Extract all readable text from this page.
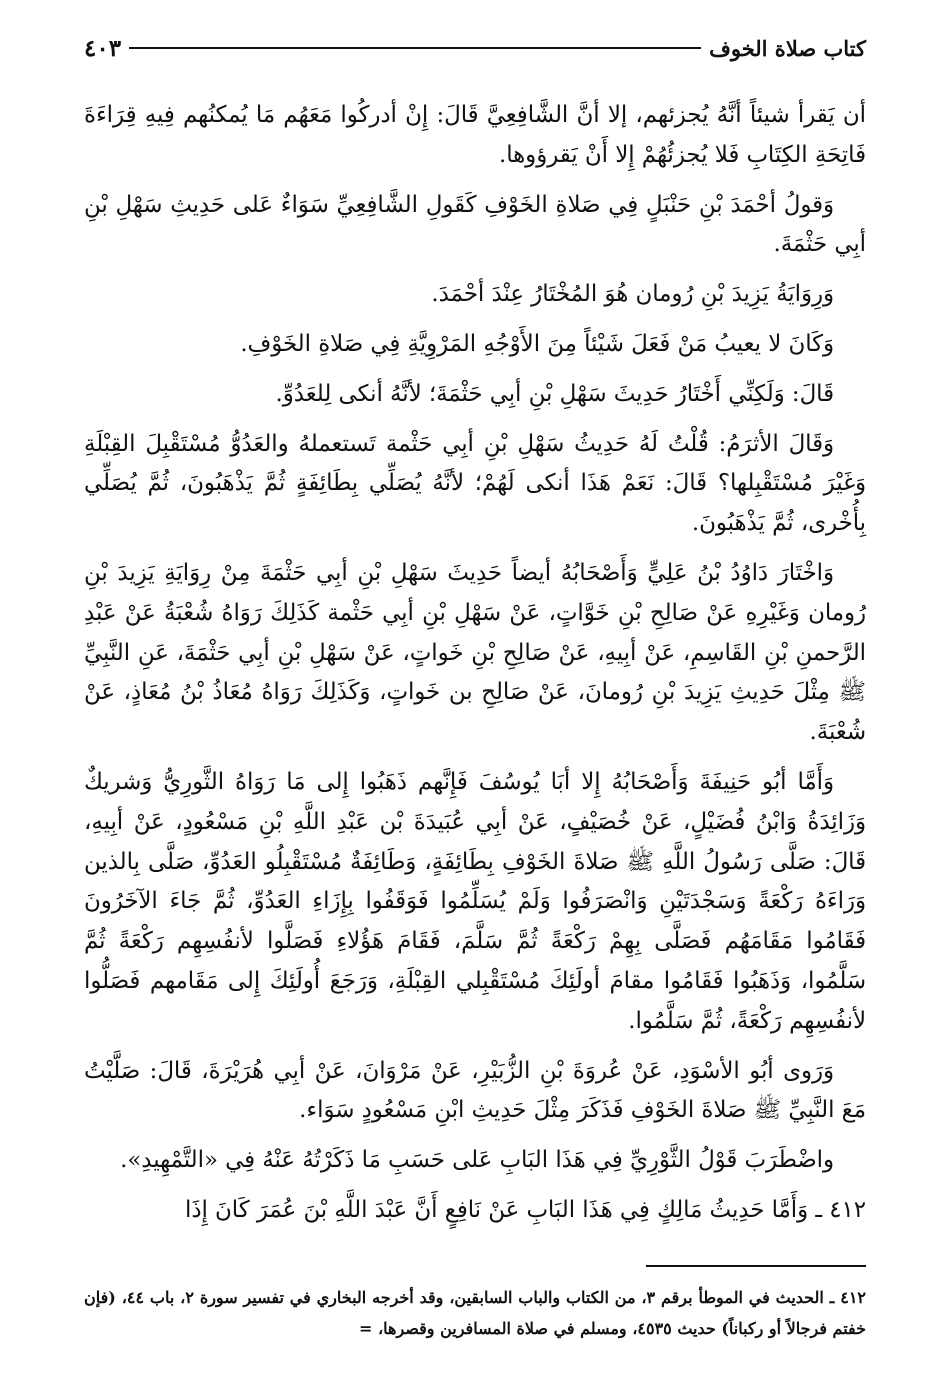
٤٠٣	كتاب صلاة الخوف

أن يَقرأ شيئاً أنَّهُ يُجزئهم، إلا أنَّ الشَّافِعِيَّ قَالَ: إِنْ أدركُوا مَعَهُم مَا يُمكنُهم فِيهِ قِرَاءَةَ فَاتِحَةِ الكِتَابِ فَلا يُجزئُهُمْ إِلا أَنْ يَقرؤوها.

وَقولُ أحْمَدَ بْنِ حَنْبَلٍ فِي صَلاةِ الخَوْفِ كَقَولِ الشَّافِعِيِّ سَوَاءٌ عَلى حَدِيثِ سَهْلِ بْنِ أبِي حَثْمَةَ.

وَرِوَايَةُ يَزِيدَ بْنِ رُومان هُوَ المُخْتَارُ عِنْدَ أحْمَدَ.

وَكَانَ لا يعيبُ مَنْ فَعَلَ شَيْئاً مِنَ الأَوْجُهِ المَرْوِيَّةِ فِي صَلاةِ الخَوْفِ.

قَالَ: وَلَكِنِّي أَخْتَارُ حَدِيثَ سَهْلِ بْنِ أبِي حَثْمَةَ؛ لأنَّهُ أنكى لِلعَدُوِّ.

وَقَالَ الأثرَمُ: قُلْتُ لَهُ حَدِيثُ سَهْلِ بْنِ أبِي حَثْمة تَستعملهُ والعَدُوُّ مُسْتَقْبِلَ القِبْلَةِ وَغَيْرَ مُسْتَقْبِلها؟ قَالَ: نَعَمْ هَذَا أنكى لَهُمْ؛ لأنَّهُ يُصَلِّي بِطَائِفَةٍ ثُمَّ يَذْهَبُونَ، ثُمَّ يُصَلِّي بِأُخْرى، ثُمَّ يَذْهَبُونَ.

وَاخْتَارَ دَاوُدُ بْنُ عَلِيٍّ وَأَصْحَابُهُ أيضاً حَدِيثَ سَهْلِ بْنِ أبِي حَثْمَةَ مِنْ رِوَايَةِ يَزِيدَ بْنِ رُومان وَغَيْرِهِ عَنْ صَالِحِ بْنِ خَوَّاتٍ، عَنْ سَهْلِ بْنِ أبِي حَثْمة كَذَلِكَ رَوَاهُ شُعْبَةُ عَنْ عَبْدِ الرَّحمنِ بْنِ القَاسِمِ، عَنْ أبِيهِ، عَنْ صَالِحِ بْنِ خَواتٍ، عَنْ سَهْلِ بْنِ أبِي حَثْمَةَ، عَنِ النَّبِيِّ ﷺ مِثْلَ حَدِيثِ يَزِيدَ بْنِ رُومانَ، عَنْ صَالِحِ بن خَواتٍ، وَكَذَلِكَ رَوَاهُ مُعَاذُ بْنُ مُعَاذٍ، عَنْ شُعْبَةَ.

وَأَمَّا أبُو حَنِيفَةَ وَأَصْحَابُهُ إِلا أبَا يُوسُفَ فَإِنَّهم ذَهَبُوا إِلى مَا رَوَاهُ الثَّورِيُّ وَشريكٌ وَزَائِدَةُ وَابْنُ فُضَيْلٍ، عَنْ خُصَيْفٍ، عَنْ أبِي عُبَيدَةَ بْن عَبْدِ اللَّهِ بْنِ مَسْعُودٍ، عَنْ أبِيهِ، قَالَ: صَلَّى رَسُولُ اللَّهِ ﷺ صَلاةَ الخَوْفِ بِطَائِفَةٍ، وَطَائِفَةٌ مُسْتَقْبِلُو العَدُوِّ، صَلَّى بِالذين وَرَاءَهُ رَكْعَةً وَسَجْدَتَيْنِ وَانْصَرَفُوا وَلَمْ يُسَلِّمُوا فَوَقَفُوا بِإِزَاءِ العَدُوِّ، ثُمَّ جَاءَ الآخَرُونَ فَقَامُوا مَقَامَهُم فَصَلَّى بِهِمْ رَكْعَةً ثُمَّ سَلَّمَ، فَقَامَ هَؤُلاءِ فَصَلَّوا لأنفُسِهِم رَكْعَةً ثُمَّ سَلَّمُوا، وَذَهَبُوا فَقَامُوا مقامَ أولَئِكَ مُسْتَقْبِلي القِبْلَةِ، وَرَجَعَ أُولَئِكَ إِلى مَقَامهم فَصَلُّوا لأنفُسِهِم رَكْعَةً، ثُمَّ سَلَّمُوا.

وَرَوى أبُو الأسْوَدِ، عَنْ عُروَةَ بْنِ الزُّبَيْرِ، عَنْ مَرْوَانَ، عَنْ أبِي هُرَيْرَةَ، قَالَ: صَلَّيْتُ مَعَ النَّبِيِّ ﷺ صَلاةَ الخَوْفِ فَذَكَرَ مِثْلَ حَدِيثِ ابْنِ مَسْعُودٍ سَوَاء.

واضْطَرَبَ قَوْلُ الثَّوْرِيِّ فِي هَذَا البَابِ عَلى حَسَبِ مَا ذَكَرْتُهُ عَنْهُ فِي «التَّمْهِيدِ».

٤١٢ ـ وَأَمَّا حَدِيثُ مَالِكٍ فِي هَذَا البَابِ عَنْ نَافِعٍ أَنَّ عَبْدَ اللَّهِ بْنَ عُمَرَ كَانَ إِذَا

٤١٢ ـ الحديث في الموطأ برقم ٣، من الكتاب والباب السابقين، وقد أخرجه البخاري في تفسير سورة ٢، باب ٤٤، (فإن خفتم فرجالاً أو ركباناً) حديث ٤٥٣٥، ومسلم في صلاة المسافرين وقصرها، =
